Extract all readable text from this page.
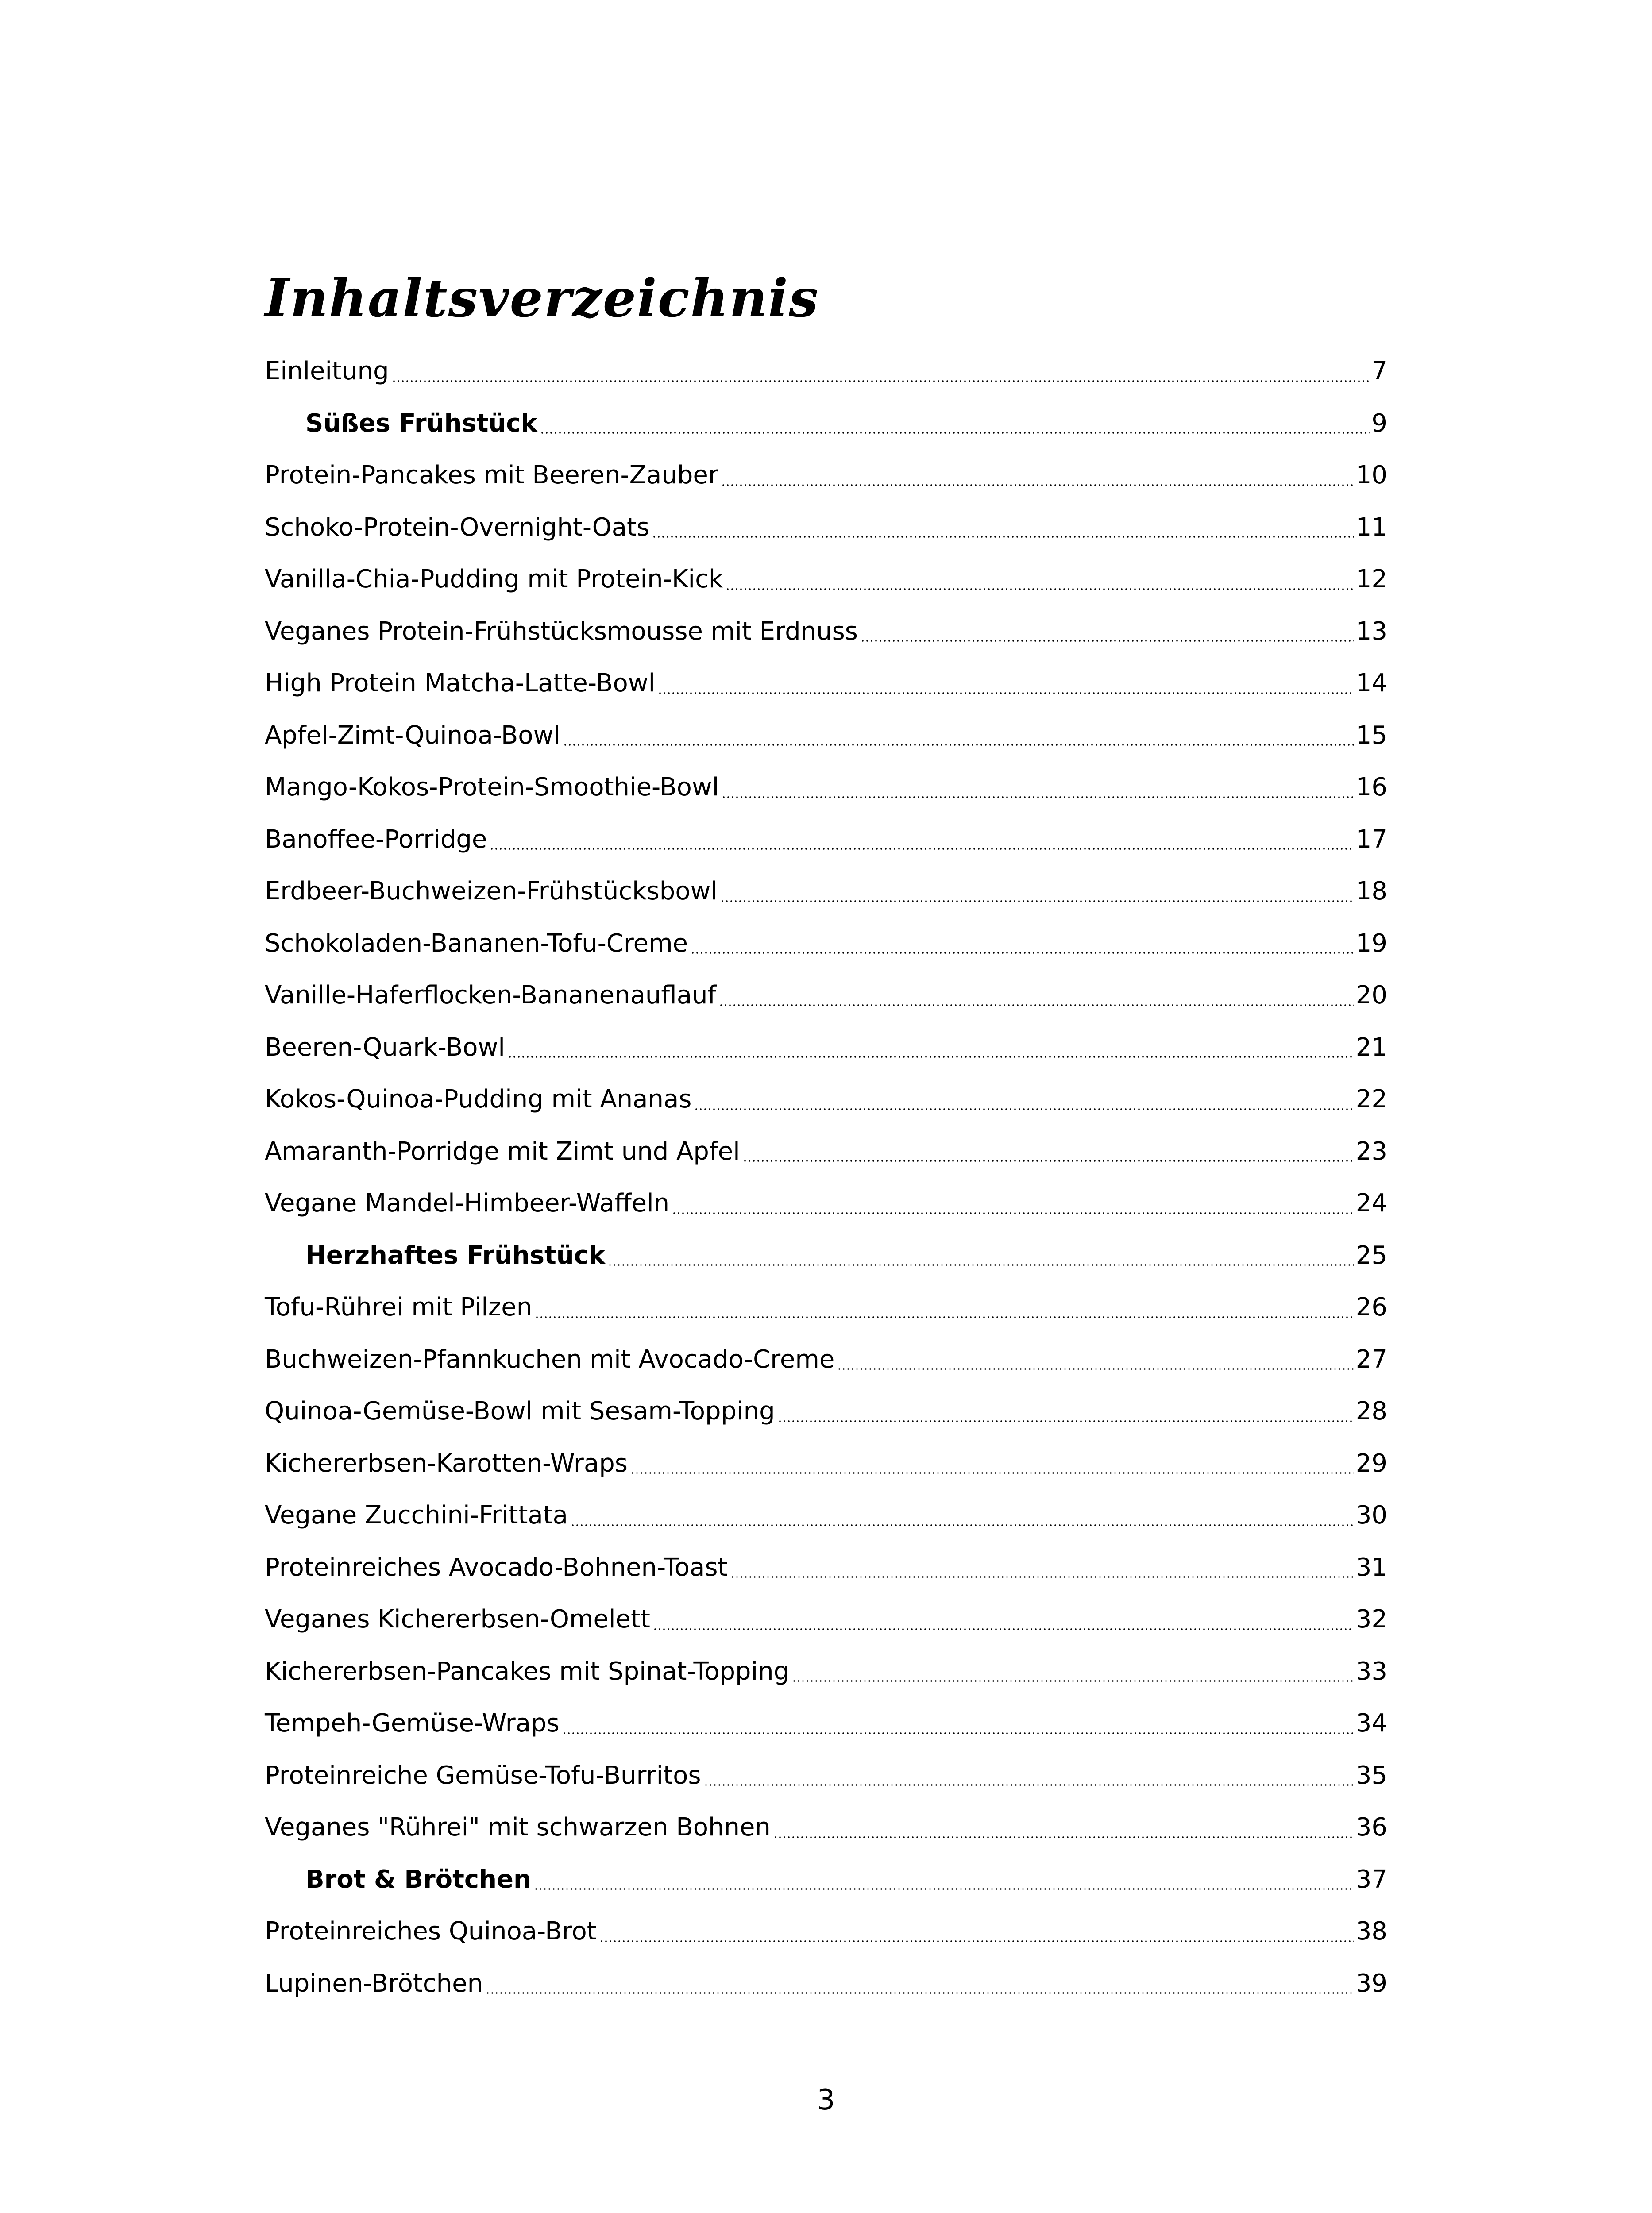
Inhaltsverzeichnis
Einleitung	7
Süßes Frühstück	9
Protein-Pancakes mit Beeren-Zauber	10
Schoko-Protein-Overnight-Oats	11
Vanilla-Chia-Pudding mit Protein-Kick	12
Veganes Protein-Frühstücksmousse mit Erdnuss	13
High Protein Matcha-Latte-Bowl	14
Apfel-Zimt-Quinoa-Bowl	15
Mango-Kokos-Protein-Smoothie-Bowl	16
Banoffee-Porridge	17
Erdbeer-Buchweizen-Frühstücksbowl	18
Schokoladen-Bananen-Tofu-Creme	19
Vanille-Haferflocken-Bananenauflauf	20
Beeren-Quark-Bowl	21
Kokos-Quinoa-Pudding mit Ananas	22
Amaranth-Porridge mit Zimt und Apfel	23
Vegane Mandel-Himbeer-Waffeln	24
Herzhaftes Frühstück	25
Tofu-Rührei mit Pilzen	26
Buchweizen-Pfannkuchen mit Avocado-Creme	27
Quinoa-Gemüse-Bowl mit Sesam-Topping	28
Kichererbsen-Karotten-Wraps	29
Vegane Zucchini-Frittata	30
Proteinreiches Avocado-Bohnen-Toast	31
Veganes Kichererbsen-Omelett	32
Kichererbsen-Pancakes mit Spinat-Topping	33
Tempeh-Gemüse-Wraps	34
Proteinreiche Gemüse-Tofu-Burritos	35
Veganes "Rührei" mit schwarzen Bohnen	36
Brot & Brötchen	37
Proteinreiches Quinoa-Brot	38
Lupinen-Brötchen	39
3
